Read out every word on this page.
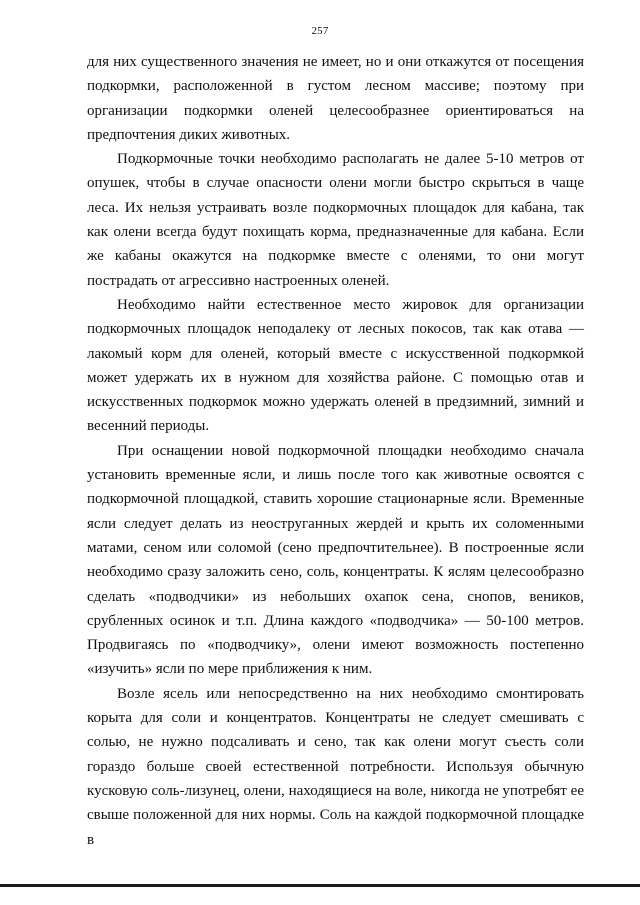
257

для них существенного значения не имеет, но и они откажутся от посещения подкормки, расположенной в густом лесном массиве; поэтому при организации подкормки оленей целесообразнее ориентироваться на предпочтения диких животных.

Подкормочные точки необходимо располагать не далее 5-10 метров от опушек, чтобы в случае опасности олени могли быстро скрыться в чаще леса. Их нельзя устраивать возле подкормочных площадок для кабана, так как олени всегда будут похищать корма, предназначенные для кабана. Если же кабаны окажутся на подкормке вместе с оленями, то они могут пострадать от агрессивно настроенных оленей.

Необходимо найти естественное место жировок для организации подкормочных площадок неподалеку от лесных покосов, так как отава — лакомый корм для оленей, который вместе с искусственной подкормкой может удержать их в нужном для хозяйства районе. С помощью отав и искусственных подкормок можно удержать оленей в предзимний, зимний и весенний периоды.

При оснащении новой подкормочной площадки необходимо сначала установить временные ясли, и лишь после того как животные освоятся с подкормочной площадкой, ставить хорошие стационарные ясли. Временные ясли следует делать из неоструганных жердей и крыть их соломенными матами, сеном или соломой (сено предпочтительнее). В построенные ясли необходимо сразу заложить сено, соль, концентраты. К яслям целесообразно сделать «подводчики» из небольших охапок сена, снопов, веников, срубленных осинок и т.п. Длина каждого «подводчика» — 50-100 метров. Продвигаясь по «подводчику», олени имеют возможность постепенно «изучить» ясли по мере приближения к ним.

Возле ясель или непосредственно на них необходимо смонтировать корыта для соли и концентратов. Концентраты не следует смешивать с солью, не нужно подсаливать и сено, так как олени могут съесть соли гораздо больше своей естественной потребности. Используя обычную кусковую соль-лизунец, олени, находящиеся на воле, никогда не употребят ее свыше положенной для них нормы. Соль на каждой подкормочной площадке в
